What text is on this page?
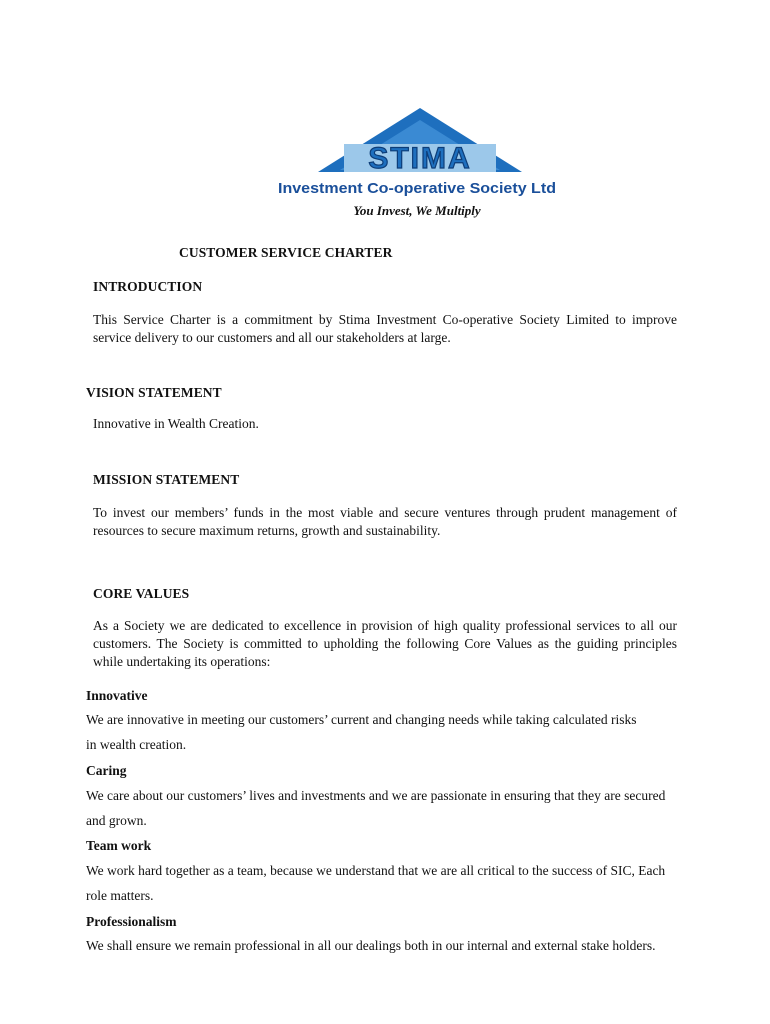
STIMA
Investment Co-operative Society Ltd
You Invest, We Multiply

CUSTOMER SERVICE CHARTER

INTRODUCTION

This Service Charter is a commitment by Stima Investment Co-operative Society Limited to improve service delivery to our customers and all our stakeholders at large.

VISION STATEMENT

Innovative in Wealth Creation.

MISSION STATEMENT

To invest our members’ funds in the most viable and secure ventures through prudent management of resources to secure maximum returns, growth and sustainability.

CORE VALUES

As a Society we are dedicated to excellence in provision of high quality professional services to all our customers. The Society is committed to upholding the following Core Values as the guiding principles while undertaking its operations:

Innovative

We are innovative in meeting our customers’ current and changing needs while taking calculated risks in wealth creation.

Caring

We care about our customers’ lives and investments and we are passionate in ensuring that they are secured and grown.

Team work

We work hard together as a team, because we understand that we are all critical to the success of SIC, Each role matters.

Professionalism

We shall ensure we remain professional in all our dealings both in our internal and external stake holders.
